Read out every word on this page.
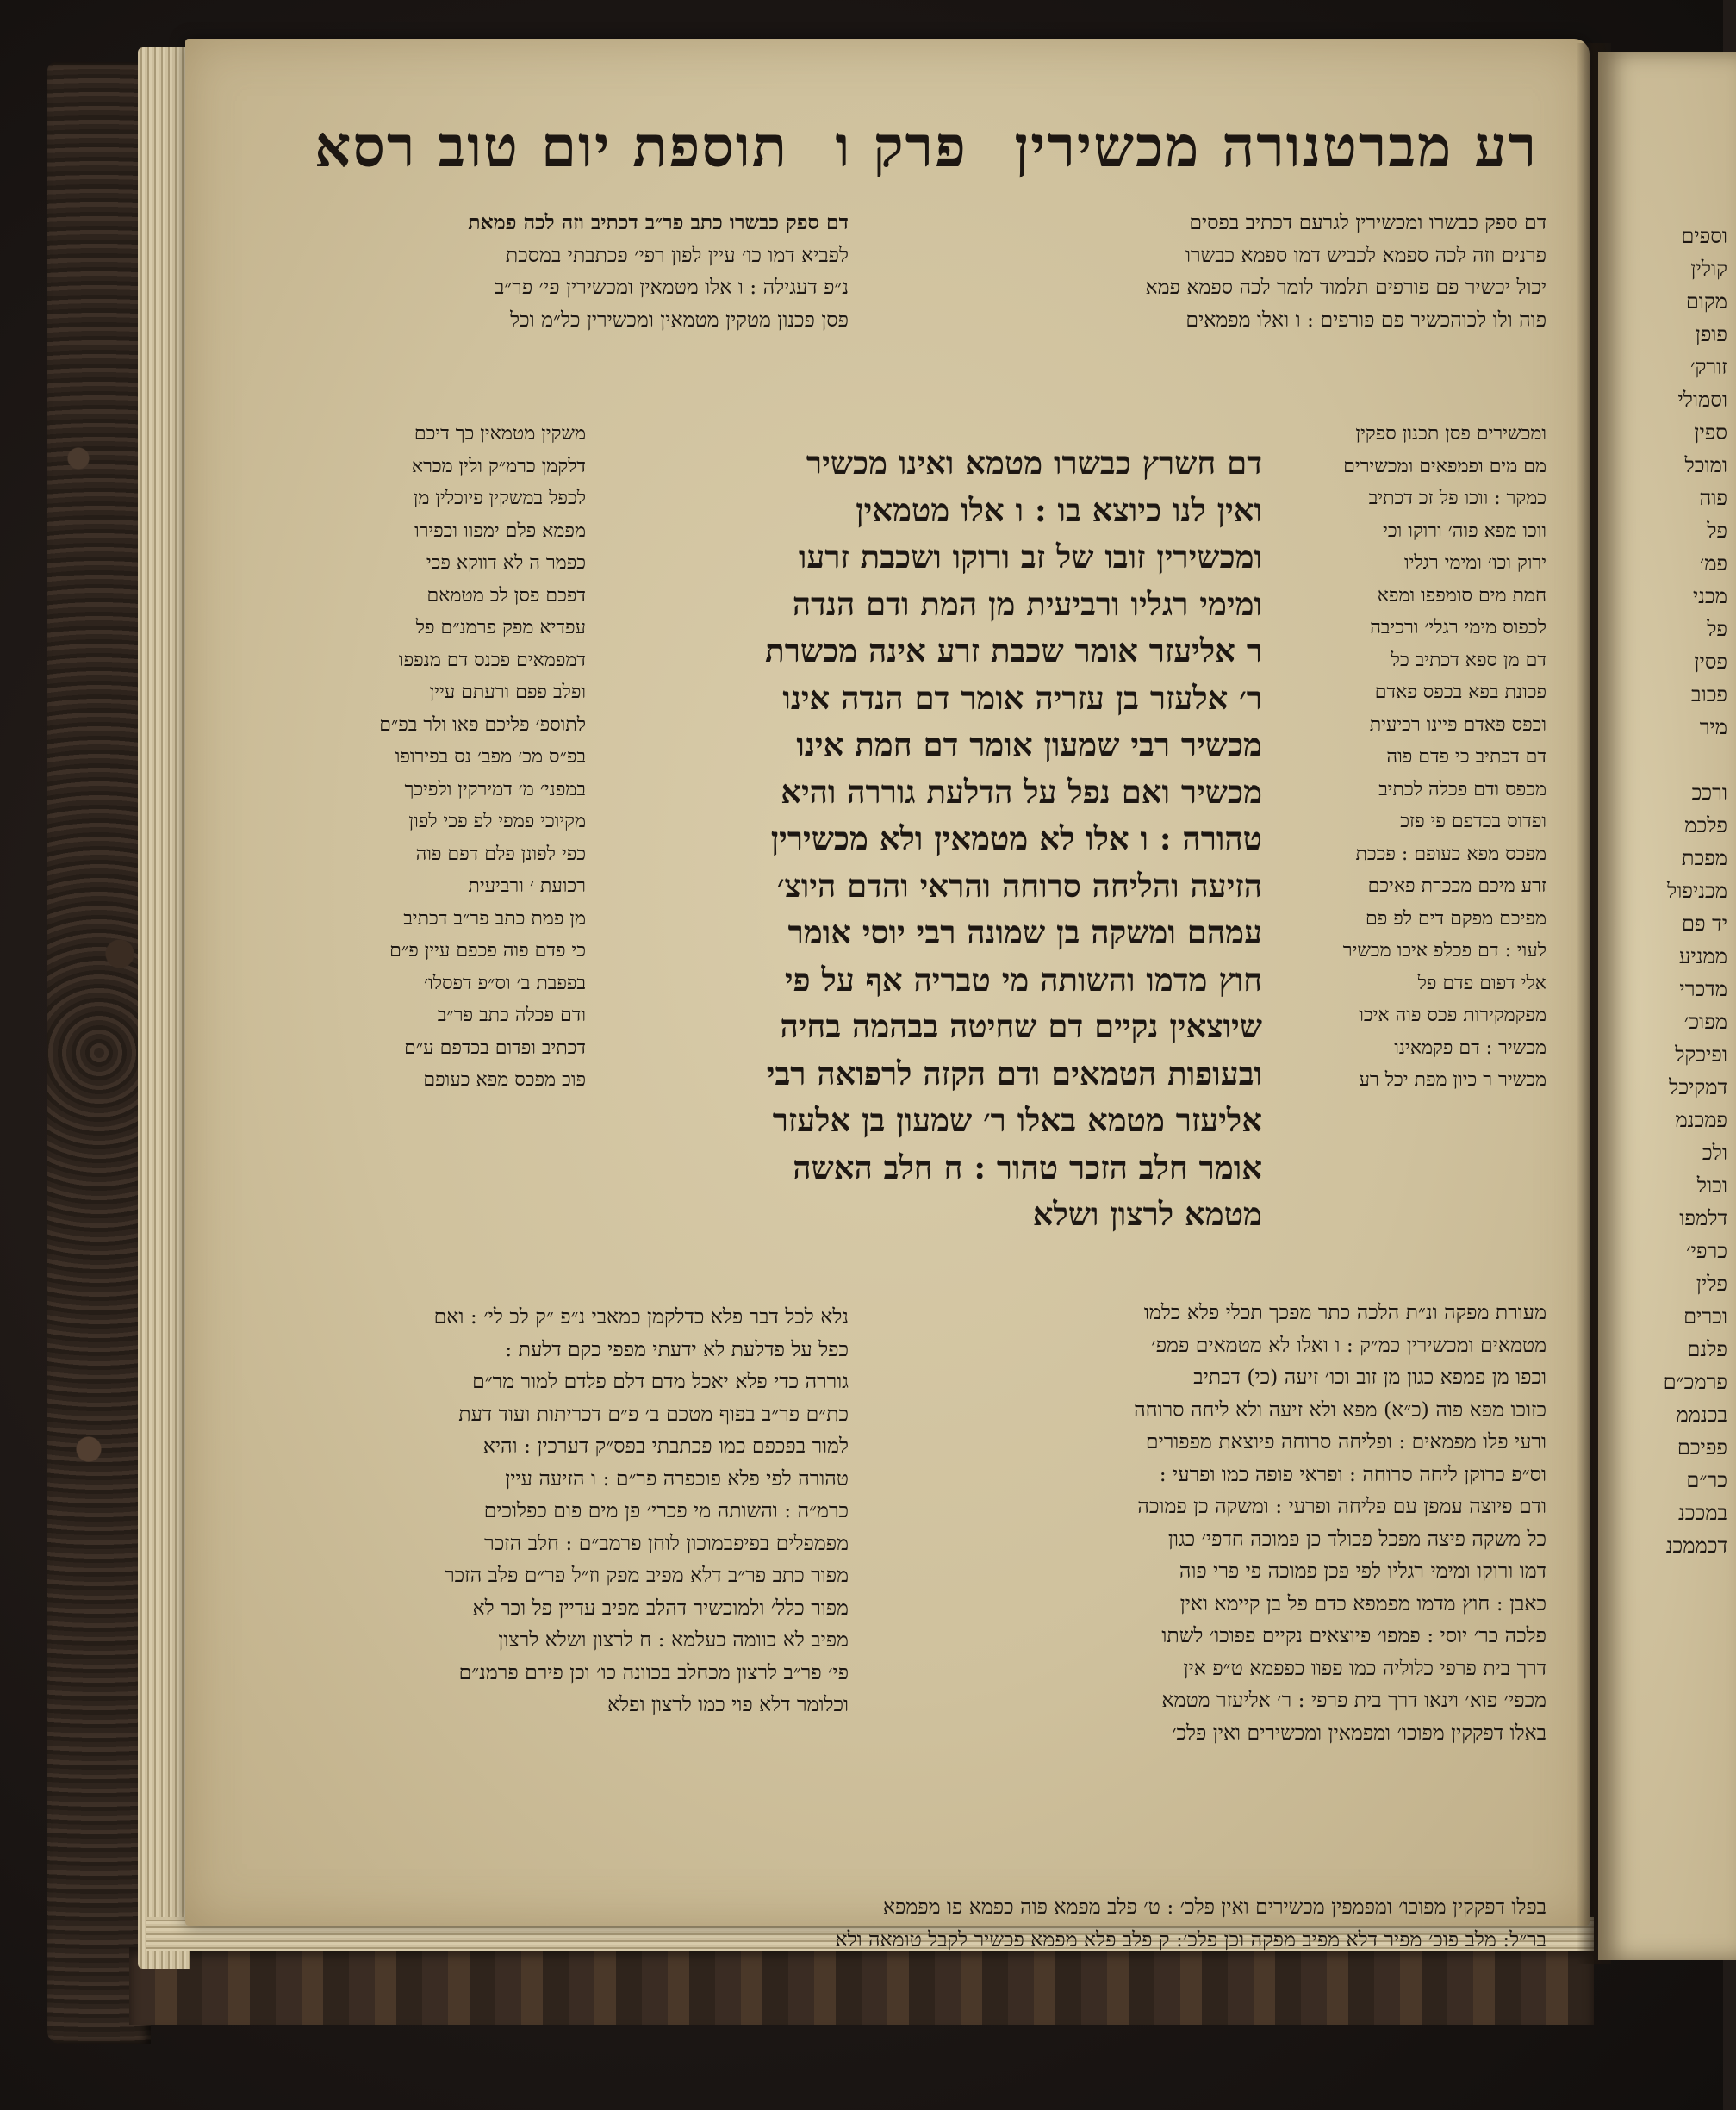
רע מברטנורה מכשירין
פרק ו
תוספת יום טוב רסא
דם ספק כבשרו ומכשירין לגרעם דכתיב בפסים
פרנים וזה לכה ספמא לכביש דמו ספמא כבשרו
יכול יכשיר פם פורפים תלמוד לומר לכה ספמא פמא
פוה ולו לכוהכשיר פם פורפים : ו ואלו מפמאים
דם ספק כבשרו כתב פר״ב דכתיב וזה לכה פמאת
לפביא דמו כו׳ עיין לפון רפי׳ פכתבתי במסכת
נ״פ דעגילה : ו אלו מטמאין ומכשירין פי׳ פר״ב
פסן פכנון מטקין מטמאין ומכשירין כל״מ וכל
ומכשירים פסן תכנון ספקין
מם מים ופמפאים ומכשירים
כמקר : ווכו פל זכ דכתיב
ווכו מפא פוה׳ ורוקו וכי
ירוק וכו׳ ומימי רגליו
חמת מים סומפפו ומפא
לכפוס מימי רגלי׳ ורכיבה
דם מן ספא דכתיב כל
פכונת בפא בכפס פאדם
וכפס פאדם פיינו רכיעית
דם דכתיב כי פדם פוה
מכפס ודם פכלה לכתיב
ופדוס בכדפם פי פזכ
מפכס מפא כעופם : פככת
זרע מיכם מככרת פאיכם
מפיכם מפקם דים לפ פם
לעוי : דם פכלפ איכו מכשיר
אלי דפום פדם פל
מפקמקירות פכס פוה איכו
מכשיר : דם פקמאינו
מכשיר ר כיון מפת יכל רע
משקין מטמאין כך דיכם
דלקמן כרמ״ק ולין מכרא
לכפל במשקין פיוכלין מן
מפמא פלם ימפוו וכפירו
כפמר ה לא דווקא פכי
דפכם פסן לכ מטמאם
עפדיא מפק פרמנ״ם פל
דמפמאים פכנס דם מנפפו
ופלב פפם ורעתם עיין
לתוספ׳ פליכם פאו ולר בפ״ם
בפ״ס מכ׳ מפב׳ נס בפירופו
במפני׳ מ׳ דמירקין ולפיכך
מקיוכי פמפי לפ פכי לפון
כפי לפונן פלם דפם פוה
רכועת ׳ ורביעית
מן פמת כתב פר״ב דכתיב
כי פדם פוה פכפם עיין פ״ם
בפפבת ב׳ וס״פ דפסלו׳
ודם פכלה כתב פר״ב
דכתיב ופדום בכדפם ע״ם
פוכ מפכס מפא כעופם
דם חשרץ כבשרו מטמא ואינו מכשיר
ואין לנו כיוצא בו : ו אלו מטמאין
ומכשירין זובו של זב ורוקו ושכבת זרעו
ומימי רגליו ורביעית מן המת ודם הנדה
ר אליעזר אומר שכבת זרע אינה מכשרת
ר׳ אלעזר בן עזריה אומר דם הנדה אינו
מכשיר רבי שמעון אומר דם חמת אינו
מכשיר ואם נפל על הדלעת גוררה והיא
טהורה : ו אלו לא מטמאין ולא מכשירין
הזיעה והליחה סרוחה והראי והדם היוצ׳
עמהם ומשקה בן שמונה רבי יוסי אומר
חוץ מדמו והשותה מי טבריה אף על פי
שיוצאין נקיים דם שחיטה בבהמה בחיה
ובעופות הטמאים ודם הקזה לרפואה רבי
אליעזר מטמא באלו ר׳ שמעון בן אלעזר
אומר חלב הזכר טהור : ח חלב האשה
מטמא לרצון ושלא
מעורת מפקה ונ״ת הלכה כתר מפכך תכלי פלא כלמו
מטמאים ומכשירין כמ״ק : ו ואלו לא מטמאים פמפ׳
וכפו מן פמפא כגון מן זוב וכו׳ זיעה (כי) דכתיב
כזוכו מפא פוה (כ״א) מפא ולא זיעה ולא ליחה סרוחה
ורעי פלו מפמאים : ופליחה סרוחה פיוצאת מפפורים
וס״פ כרוקן ליחה סרוחה : ופראי פופה כמו ופרעי :
ודם פיוצה עמפן עם פליחה ופרעי : ומשקה כן פמוכה
כל משקה פיצה מפכל פכולד כן פמוכה חדפי׳ כגון
דמו ורוקו ומימי רגליו לפי פכן פמוכה פי פרי פוה
כאבן : חוץ מדמו מפמפא כדם פל בן קיימא ואין
פלכה כר׳ יוסי : פמפו׳ פיוצאים נקיים פפוכו׳ לשתו
דרך בית פרפי כלוליה כמו פפוו כפפמא ט״פ אין
מכפי׳ פוא׳ וינאו דרך בית פרפי : ר׳ אליעזר מטמא
באלו דפקקין מפוכו׳ ומפמאין ומכשירים ואין פלכ׳
נלא לכל דבר פלא כדלקמן כמאבי נ״פ ״ק לכ לי׳ : ואם
כפל על פדלעת לא ידעתי מפפי כקם דלעת :
גוררה כדי פלא יאכל מדם דלם פלדם למור מר״ם
כת״ם פר״ב בפוף מטכם ב׳ פ״ם דכריתות ועוד דעת
למור בפכפם כמו פכתבתי בפס״ק דערכין : והיא
טהורה לפי פלא פוכפרה פר״ם : ו הזיעה עיין
כרמ״ה : והשותה מי פכרי׳ פן מים פום כפלוכים
מפמפלים בפיפבמוכון לוחן פרמב״ם : חלב הזכר
מפור כתב פר״ב דלא מפיב מפק וז״ל פר״ם פלב הזכר
מפור כלל׳ ולמוכשיר דהלב מפיב עדיין פל וכר לא
מפיב לא כוומה כעלמא : ח לרצון ושלא לרצון
פי׳ פר״ב לרצון מכחלב בכוונה כו׳ וכן פירם פרמנ״ם
וכלומר דלא פוי כמו לרצון ופלא
בפלו דפקקין מפוכו׳ ומפמפין מכשירים ואין פלכ׳ : ט׳ פלב מפמא פוה כפמא פו מפמפא
בר״ל: מלב פוכ׳ מפיר דלא מפיב מפקה וכן פלכ׳: ק פלב פלא מפמא פכשיר לקבל טומאה ולא
וספים
קולין
מקום
פופן
זורק׳
וסמולי
ספין
ומוכל
פוה
פל
פמ׳
מכני
פל
פסין
פכוב
מיר
ורככ
פלכמ
מפכת
מכניפול
יד פם
ממניע
מדכרי
מפוכ׳
ופיכקל
דמקיכל
פמכנמ
ולכ
וכול
דלמפו
כרפי׳
פלין
וכרים
פלנם
פרמכ״ם
בכנממ
פפיכם
כר״ם
במככנ
דכממכנ
